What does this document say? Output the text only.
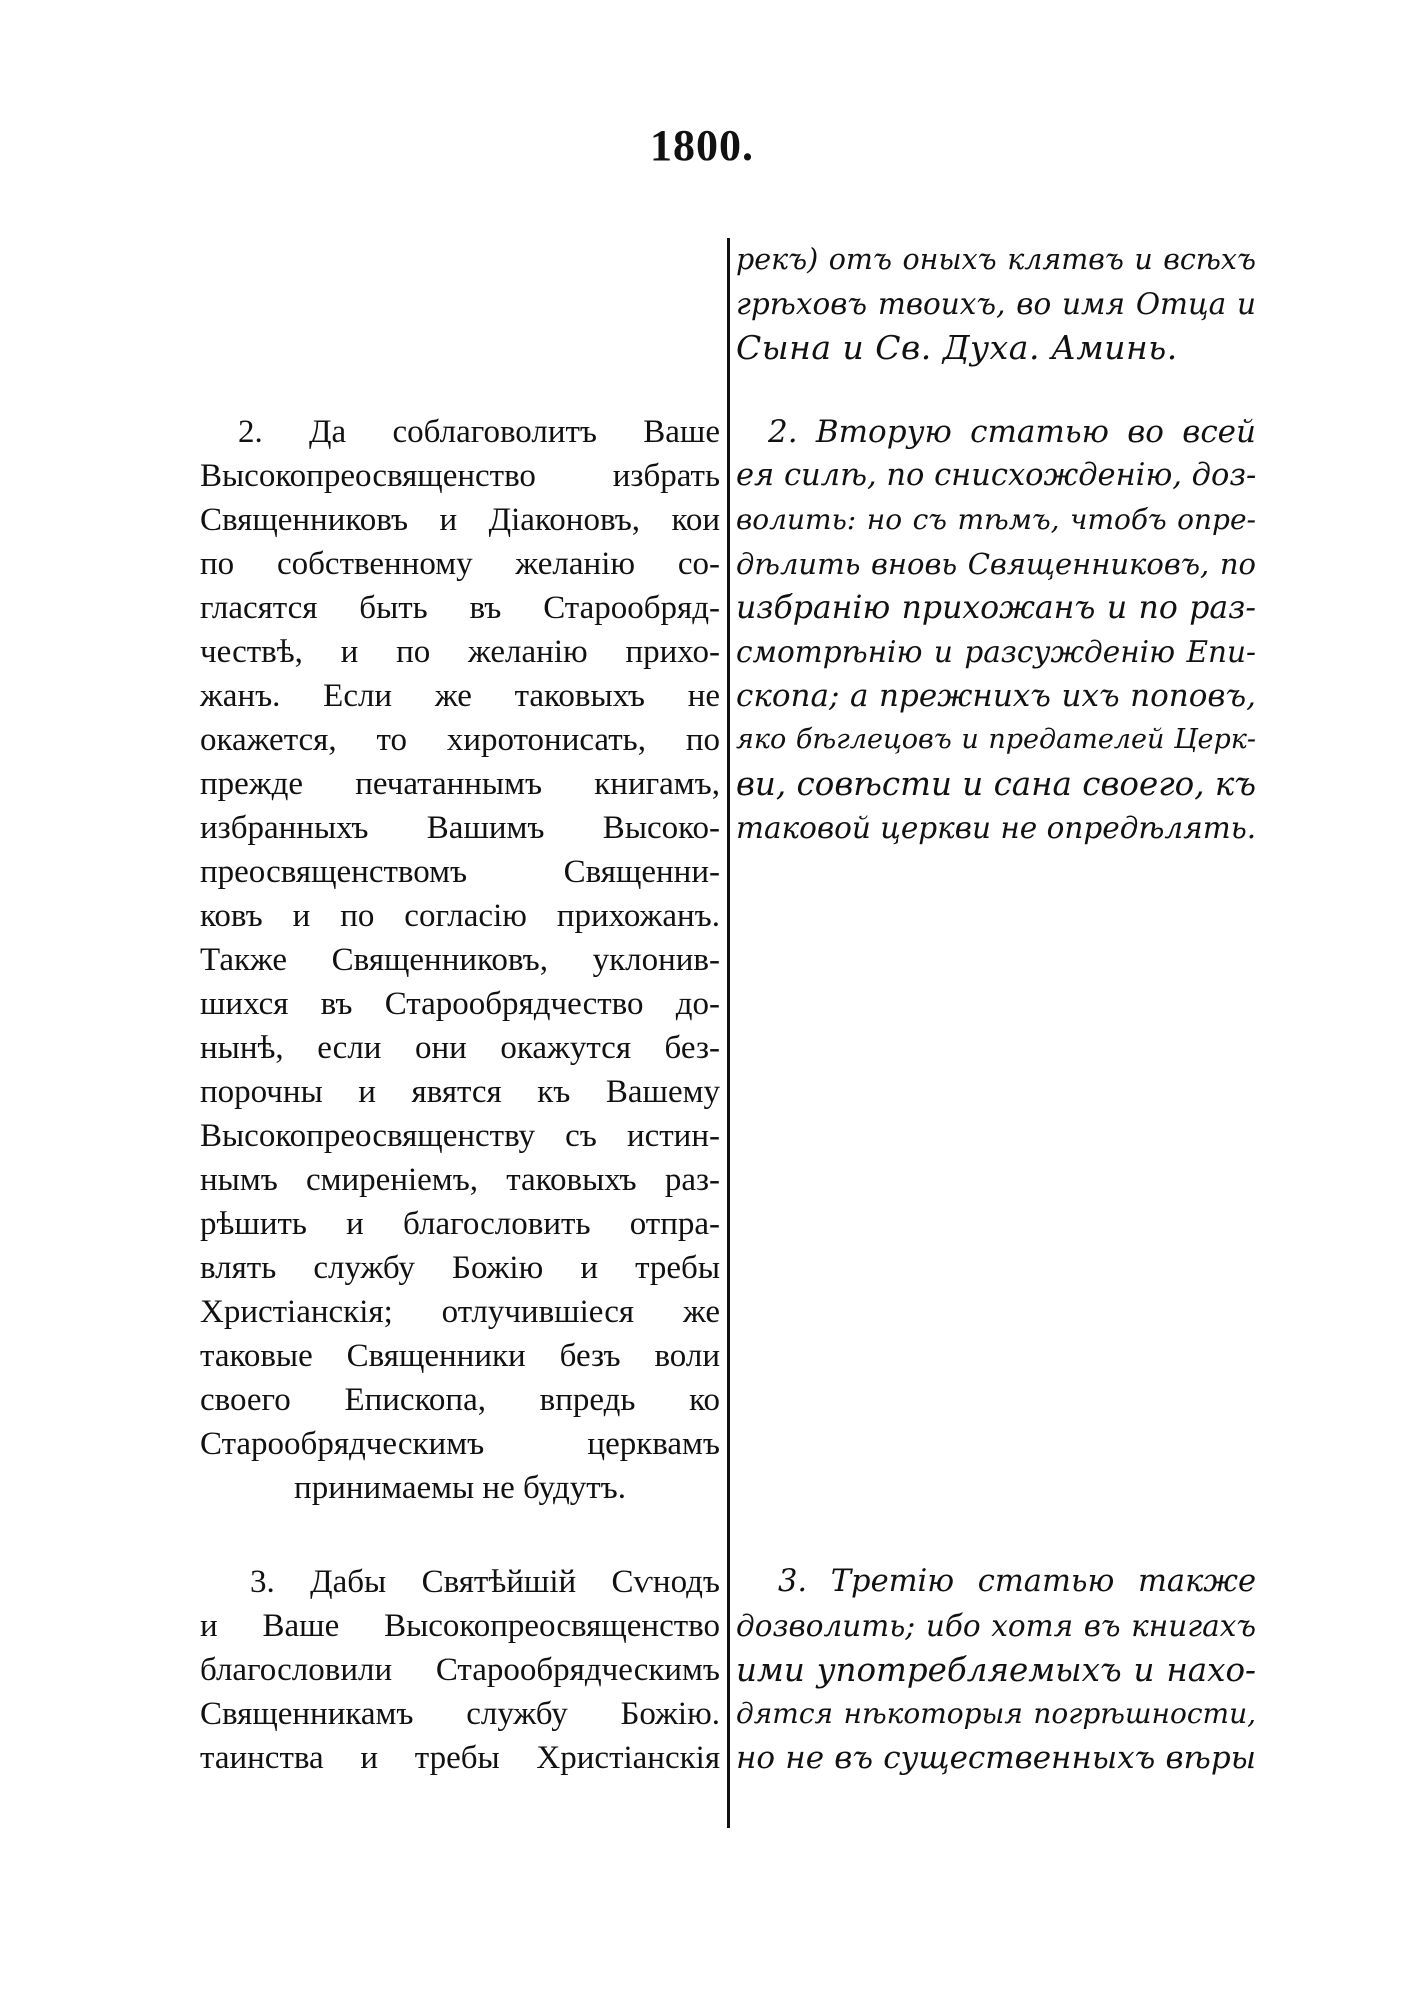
1800.
рекъ) отъ оныхъ клятвъ и всѣхъ
грѣховъ твоихъ, во имя Отца и
Сына и Св. Духа. Аминь.
2. Да соблаговолитъ Ваше
Высокопреосвященство избрать
Священниковъ и Діаконовъ, кои
по собственному желанію со-
гласятся быть въ Старообряд-
чествѣ, и по желанію прихо-
жанъ. Если же таковыхъ не
окажется, то хиротонисать, по
прежде печатаннымъ книгамъ,
избранныхъ Вашимъ Высоко-
преосвященствомъ Священни-
ковъ и по согласію прихожанъ.
Также Священниковъ, уклонив-
шихся въ Старообрядчество до-
нынѣ, если они окажутся без-
порочны и явятся къ Вашему
Высокопреосвященству съ истин-
нымъ смиреніемъ, таковыхъ раз-
рѣшить и благословить отпра-
влять службу Божію и требы
Христіанскія; отлучившіеся же
таковые Священники безъ воли
своего Епископа, впредь ко
Старообрядческимъ церквамъ
принимаемы не будутъ.
2. Вторую статью во всей
ея силѣ, по снисхожденію, доз-
волить: но съ тѣмъ, чтобъ опре-
дѣлить вновь Священниковъ, по
избранію прихожанъ и по раз-
смотрѣнію и разсужденію Епи-
скопа; а прежнихъ ихъ поповъ,
яко бѣглецовъ и предателей Церк-
ви, совѣсти и сана своего, къ
таковой церкви не опредѣлять.
3. Дабы Святѣйшій Сѵнодъ
и Ваше Высокопреосвященство
благословили Старообрядческимъ
Священникамъ службу Божію.
таинства и требы Христіанскія
3. Третію статью также
дозволить; ибо хотя въ книгахъ
ими употребляемыхъ и нахо-
дятся нѣкоторыя погрѣшности,
но не въ существенныхъ вѣры
